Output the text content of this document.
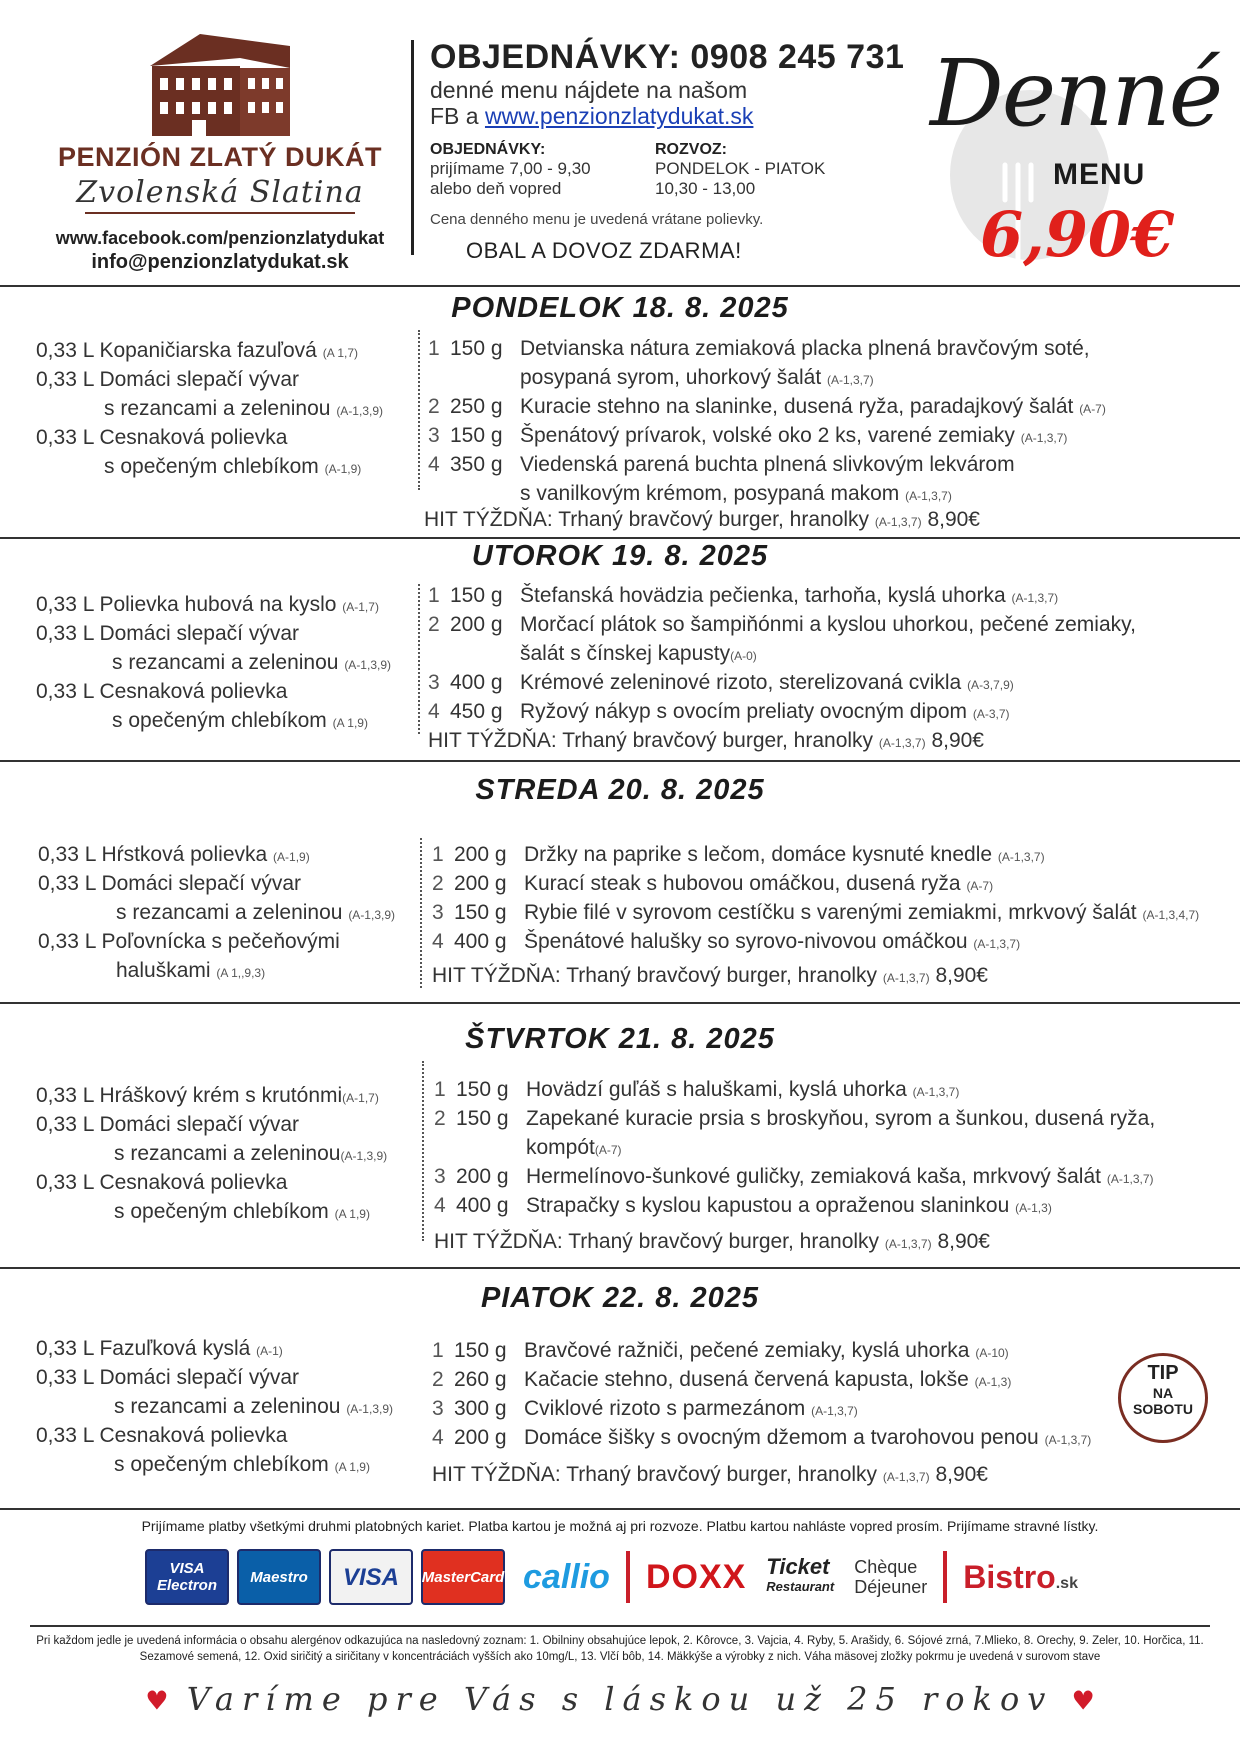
PENZIÓN ZLATÝ DUKÁT
Zvolenská Slatina
www.facebook.com/penzionzlatydukat
info@penzionzlatydukat.sk
OBJEDNÁVKY: 0908 245 731
denné menu nájdete na našom
FB a www.penzionzlatydukat.sk
OBJEDNÁVKY:
prijímame 7,00 - 9,30
alebo deň vopred
ROZVOZ:
PONDELOK - PIATOK
10,30 - 13,00
Cena denného menu je uvedená vrátane polievky.
OBAL A DOVOZ ZDARMA!
Denné
MENU
6,90€
PONDELOK 18. 8. 2025
0,33 L Kopaničiarska fazuľová (A 1,7)
0,33 L Domáci slepačí vývar
s rezancami a zeleninou (A-1,3,9)
0,33 L Cesnaková polievka
s opečeným chlebíkom (A-1,9)
1 150 g Detvianska nátura zemiaková placka plnená bravčovým soté,
posypaná syrom, uhorkový šalát (A-1,3,7)
2 250 g Kuracie stehno na slaninke, dusená ryža, paradajkový šalát (A-7)
3 150 g Špenátový prívarok, volské oko 2 ks, varené zemiaky (A-1,3,7)
4 350 g Viedenská parená buchta plnená slivkovým lekvárom
s vanilkovým krémom, posypaná makom (A-1,3,7)
HIT TÝŽDŇA: Trhaný bravčový burger, hranolky (A-1,3,7) 8,90€
UTOROK 19. 8. 2025
0,33 L Polievka hubová na kyslo (A-1,7)
0,33 L Domáci slepačí vývar
s rezancami a zeleninou (A-1,3,9)
0,33 L Cesnaková polievka
s opečeným chlebíkom (A 1,9)
1 150 g Štefanská hovädzia pečienka, tarhoňa, kyslá uhorka (A-1,3,7)
2 200 g Morčací plátok so šampiňónmi a kyslou uhorkou, pečené zemiaky,
šalát s čínskej kapusty(A-0)
3 400 g Krémové zeleninové rizoto, sterelizovaná cvikla (A-3,7,9)
4 450 g Ryžový nákyp s ovocím preliaty ovocným dipom (A-3,7)
HIT TÝŽDŇA: Trhaný bravčový burger, hranolky (A-1,3,7) 8,90€
STREDA 20. 8. 2025
0,33 L Hŕstková polievka (A-1,9)
0,33 L Domáci slepačí vývar
s rezancami a zeleninou (A-1,3,9)
0,33 L Poľovnícka s pečeňovými
haluškami (A 1,,9,3)
1 200 g Držky na paprike s lečom, domáce kysnuté knedle (A-1,3,7)
2 200 g Kurací steak s hubovou omáčkou, dusená ryža (A-7)
3 150 g Rybie filé v syrovom cestíčku s varenými zemiakmi, mrkvový šalát (A-1,3,4,7)
4 400 g Špenátové halušky so syrovo-nivovou omáčkou (A-1,3,7)
HIT TÝŽDŇA: Trhaný bravčový burger, hranolky (A-1,3,7) 8,90€
ŠTVRTOK 21. 8. 2025
0,33 L Hráškový krém s krutónmi(A-1,7)
0,33 L Domáci slepačí vývar
s rezancami a zeleninou(A-1,3,9)
0,33 L Cesnaková polievka
s opečeným chlebíkom (A 1,9)
1 150 g Hovädzí guľáš s haluškami, kyslá uhorka (A-1,3,7)
2 150 g Zapekané kuracie prsia s broskyňou, syrom a šunkou, dusená ryža,
kompót(A-7)
3 200 g Hermelínovo-šunkové guličky, zemiaková kaša, mrkvový šalát (A-1,3,7)
4 400 g Strapačky s kyslou kapustou a opraženou slaninkou (A-1,3)
HIT TÝŽDŇA: Trhaný bravčový burger, hranolky (A-1,3,7) 8,90€
PIATOK 22. 8. 2025
0,33 L Fazuľková kyslá (A-1)
0,33 L Domáci slepačí vývar
s rezancami a zeleninou (A-1,3,9)
0,33 L Cesnaková polievka
s opečeným chlebíkom (A 1,9)
1 150 g Bravčové ražniči, pečené zemiaky, kyslá uhorka (A-10)
2 260 g Kačacie stehno, dusená červená kapusta, lokše (A-1,3)
3 300 g Cviklové rizoto s parmezánom (A-1,3,7)
4 200 g Domáce šišky s ovocným džemom a tvarohovou penou (A-1,3,7)
HIT TÝŽDŇA: Trhaný bravčový burger, hranolky (A-1,3,7) 8,90€
TIP
NA
SOBOTU
Prijímame platby všetkými druhmi platobných kariet. Platba kartou je možná aj pri rozvoze. Platbu kartou nahláste vopred prosím. Prijímame stravné lístky.
VISA Electron	Maestro	VISA	MasterCard callio DOXX Ticket
Restaurant
Chèque
Déjeuner Bistro.sk
Pri každom jedle je uvedená informácia o obsahu alergénov odkazujúca na nasledovný zoznam: 1. Obilniny obsahujúce lepok, 2. Kôrovce, 3. Vajcia, 4. Ryby, 5. Arašidy, 6. Sójové zrná, 7.Mlieko, 8. Orechy, 9. Zeler, 10. Horčica, 11. Sezamové semená, 12. Oxid siričitý a siričitany v koncentráciách vyšších ako 10mg/L, 13. Vlčí bôb, 14. Mäkkýše a výrobky z nich. Váha mäsovej zložky pokrmu je uvedená v surovom stave
♥ Varíme pre Vás s láskou už 25 rokov ♥
